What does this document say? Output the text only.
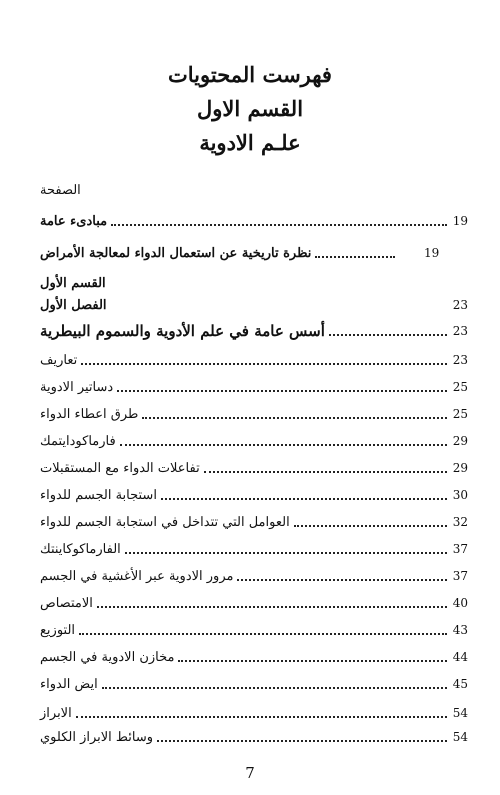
فهرست المحتويات

القسم الاول

علـم الادوية

الصفحة
مبادىء عامة	19
نظرة تاريخية عن استعمال الدواء لمعالجة الأمراض	19
القسم الأول
الفصل الأول	23
أسس عامة في علم الأدوية والسموم البيطرية	23
تعاريف	23
دساتير الادوية	25
طرق اعطاء الدواء	25
فارماكودايتمك	29
تفاعلات الدواء مع المستقبلات	29
استجابة الجسم للدواء	30
العوامل التي تتداخل في استجابة الجسم للدواء	32
الفارماكوكاينتك	37
مرور الادوية عبر الأغشية في الجسم	37
الامتصاص	40
التوزيع	43
مخازن الادوية في الجسم	44
ايض الدواء	45
الابراز	54
وسائط الابراز الكلوي	54
7
